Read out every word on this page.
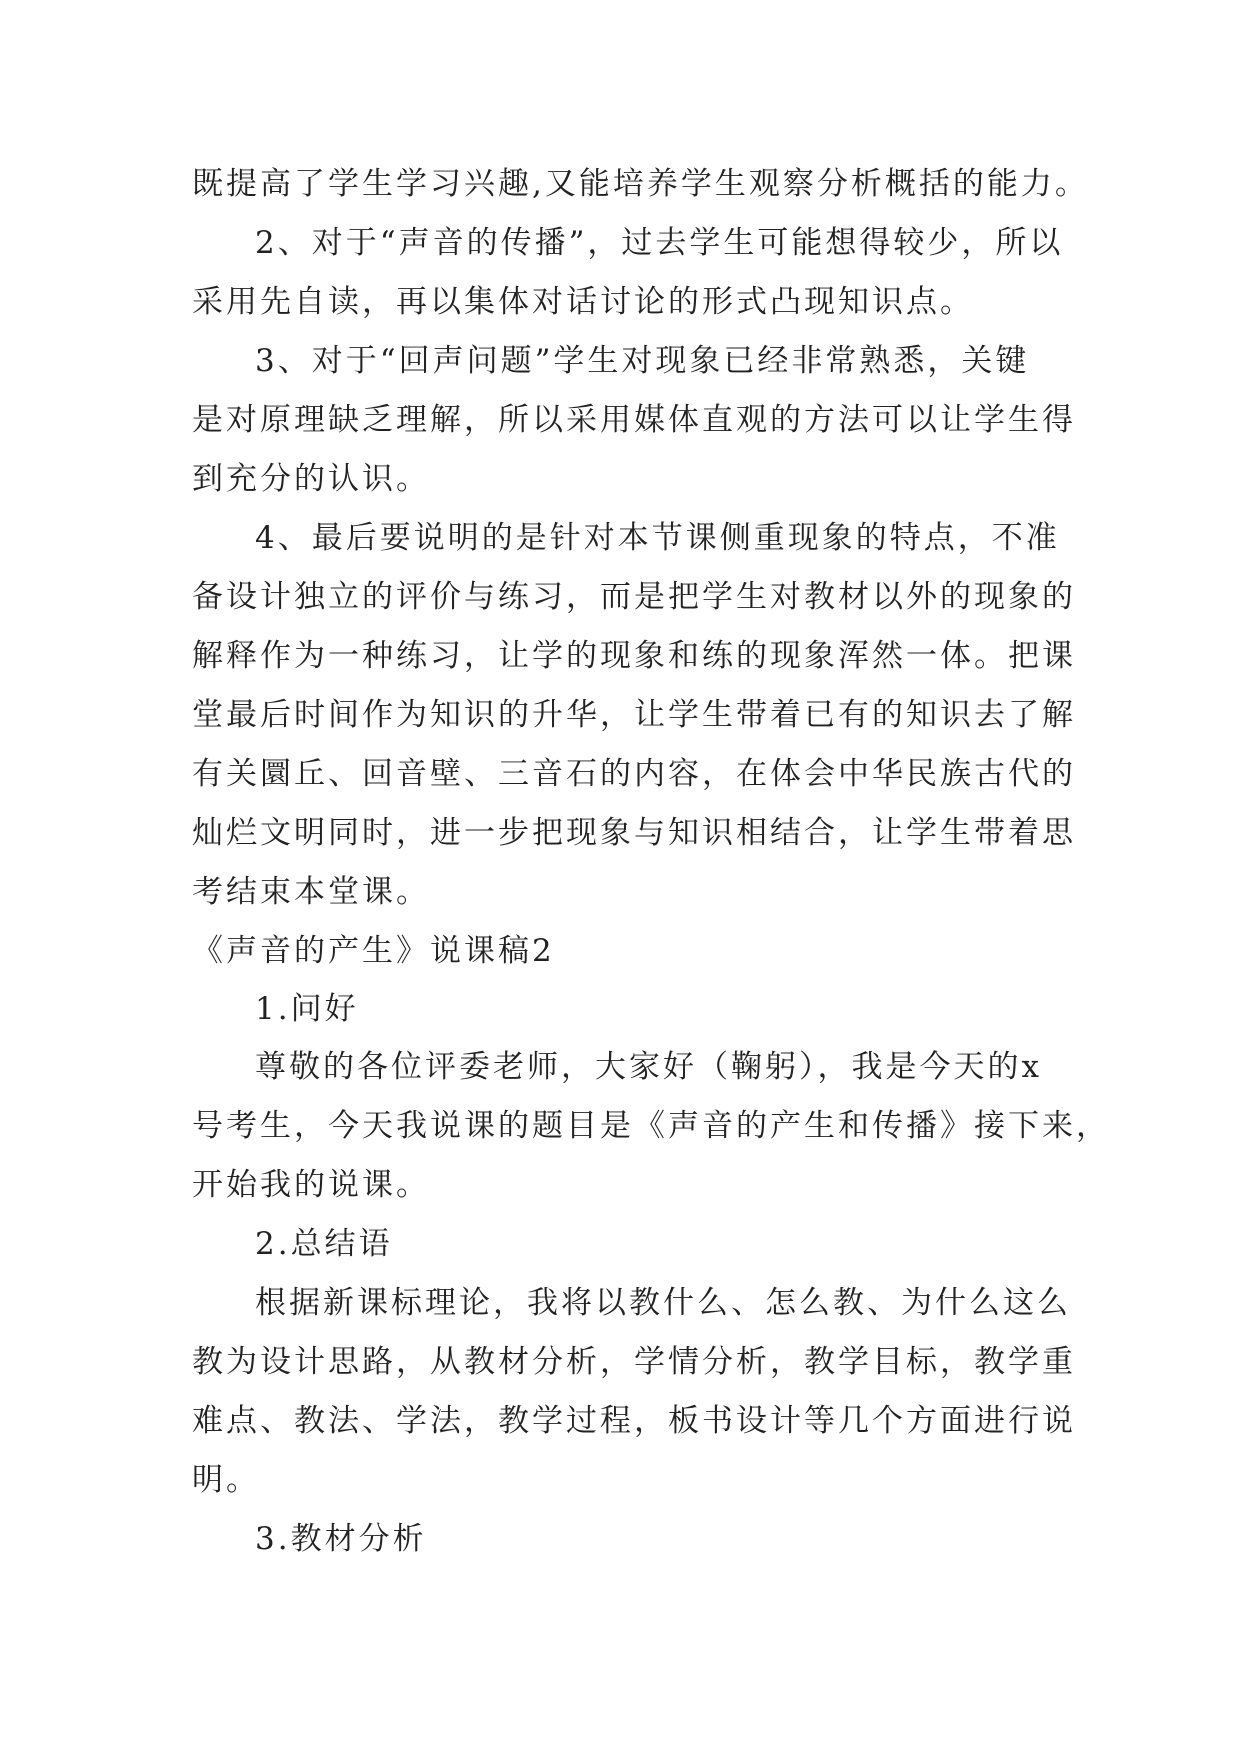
既提高了学生学习兴趣,又能培养学生观察分析概括的能力。

2、对于“声音的传播”，过去学生可能想得较少，所以

采用先自读，再以集体对话讨论的形式凸现知识点。

3、对于“回声问题”学生对现象已经非常熟悉，关键

是对原理缺乏理解，所以采用媒体直观的方法可以让学生得

到充分的认识。

4、最后要说明的是针对本节课侧重现象的特点，不准

备设计独立的评价与练习，而是把学生对教材以外的现象的

解释作为一种练习，让学的现象和练的现象浑然一体。把课

堂最后时间作为知识的升华，让学生带着已有的知识去了解

有关圜丘、回音壁、三音石的内容，在体会中华民族古代的

灿烂文明同时，进一步把现象与知识相结合，让学生带着思

考结束本堂课。

《声音的产生》说课稿2

1.问好

尊敬的各位评委老师，大家好（鞠躬），我是今天的x

号考生，今天我说课的题目是《声音的产生和传播》接下来，

开始我的说课。

2.总结语

根据新课标理论，我将以教什么、怎么教、为什么这么

教为设计思路，从教材分析，学情分析，教学目标，教学重

难点、教法、学法，教学过程，板书设计等几个方面进行说

明。

3.教材分析
